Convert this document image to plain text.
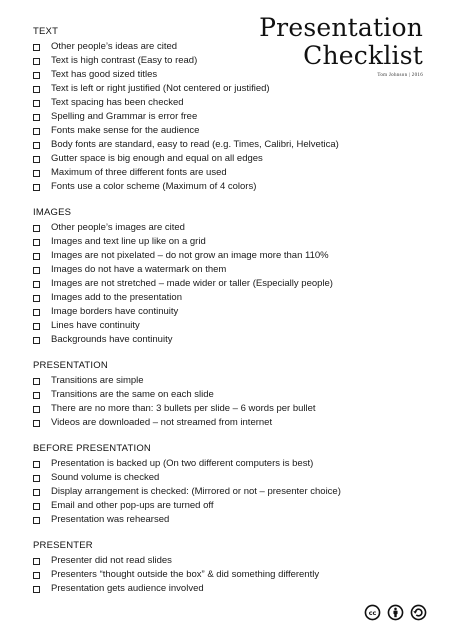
Presentation
Checklist
Tom Johnson | 2016
TEXT
Other people’s ideas are cited
Text is high contrast (Easy to read)
Text has good sized titles
Text is left or right justified (Not centered or justified)
Text spacing has been checked
Spelling and Grammar is error free
Fonts make sense for the audience
Body fonts are standard, easy to read (e.g. Times, Calibri, Helvetica)
Gutter space is big enough and equal on all edges
Maximum of three different fonts are used
Fonts use a color scheme (Maximum of 4 colors)
IMAGES
Other people’s images are cited
Images and text line up like on a grid
Images are not pixelated – do not grow an image more than 110%
Images do not have a watermark on them
Images are not stretched – made wider or taller (Especially people)
Images add to the presentation
Image borders have continuity
Lines have continuity
Backgrounds have continuity
PRESENTATION
Transitions are simple
Transitions are the same on each slide
There are no more than: 3 bullets per slide – 6 words per bullet
Videos are downloaded – not streamed from internet
BEFORE PRESENTATION
Presentation is backed up (On two different computers is best)
Sound volume is checked
Display arrangement is checked: (Mirrored or not – presenter choice)
Email and other pop-ups are turned off
Presentation was rehearsed
PRESENTER
Presenter did not read slides
Presenters “thought outside the box” & did something differently
Presentation gets audience involved
cc
